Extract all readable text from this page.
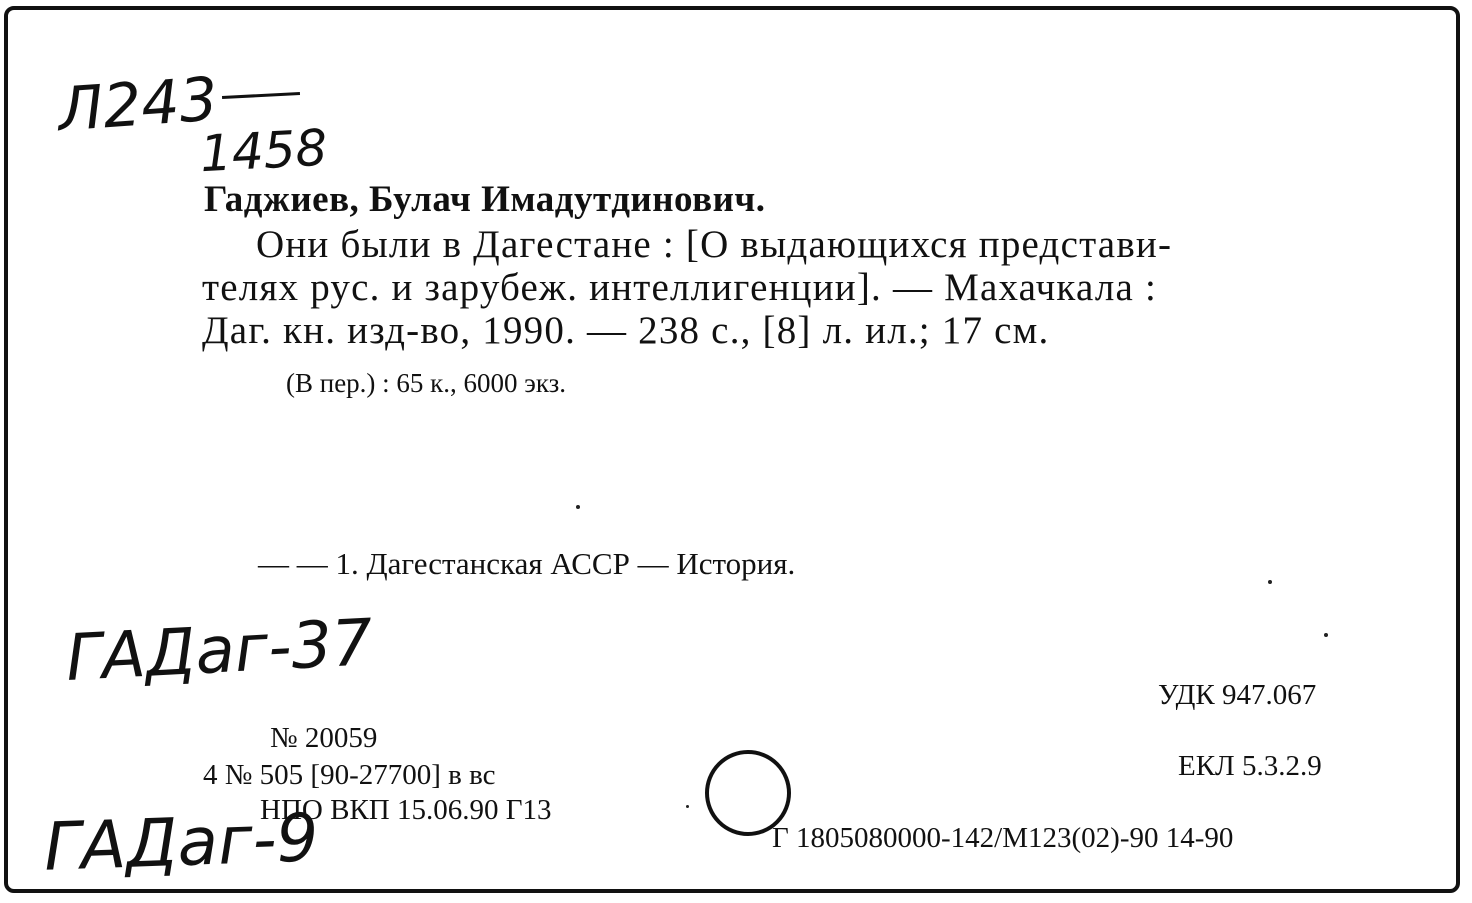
Л243
1458
Гаджиев, Булач Имадутдинович.
Они были в Дагестане : [О выдающихся представи-
телях рус. и зарубеж. интеллигенции]. — Махачкала :
Даг. кн. изд-во, 1990. — 238 с., [8] л. ил.; 17 см.
(В пер.) : 65 к., 6000 экз.
— — 1. Дагестанская АССР — История.
ГАДаг-37
ГАДаг-9
№ 20059
4 № 505 [90-27700] в вс
НПО ВКП 15.06.90 Г13
УДК 947.067
ЕКЛ 5.3.2.9
Г 1805080000-142/М123(02)-90 14-90
